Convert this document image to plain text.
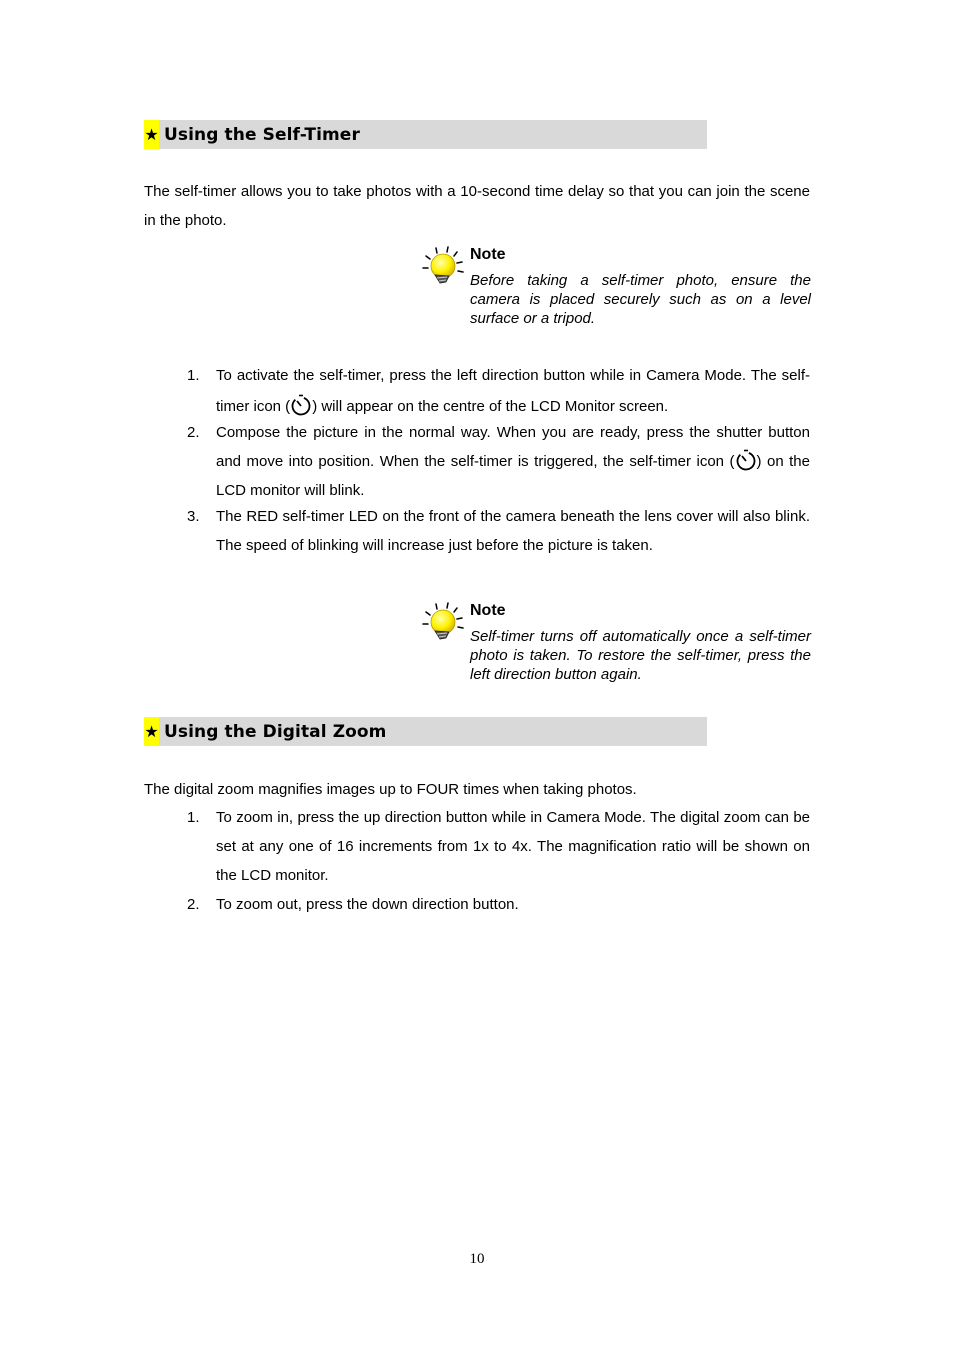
★ Using the Self-Timer
The self-timer allows you to take photos with a 10-second time delay so that you can join the scene in the photo.
Note
Before taking a self-timer photo, ensure the camera is placed securely such as on a level surface or a tripod.
1. To activate the self-timer, press the left direction button while in Camera Mode. The self-timer icon ( ) will appear on the centre of the LCD Monitor screen.
2. Compose the picture in the normal way. When you are ready, press the shutter button and move into position. When the self-timer is triggered, the self-timer icon ( ) on the LCD monitor will blink.
3. The RED self-timer LED on the front of the camera beneath the lens cover will also blink. The speed of blinking will increase just before the picture is taken.
Note
Self-timer turns off automatically once a self-timer photo is taken. To restore the self-timer, press the left direction button again.
★ Using the Digital Zoom
The digital zoom magnifies images up to FOUR times when taking photos.
1. To zoom in, press the up direction button while in Camera Mode. The digital zoom can be set at any one of 16 increments from 1x to 4x. The magnification ratio will be shown on the LCD monitor.
2. To zoom out, press the down direction button.
10
